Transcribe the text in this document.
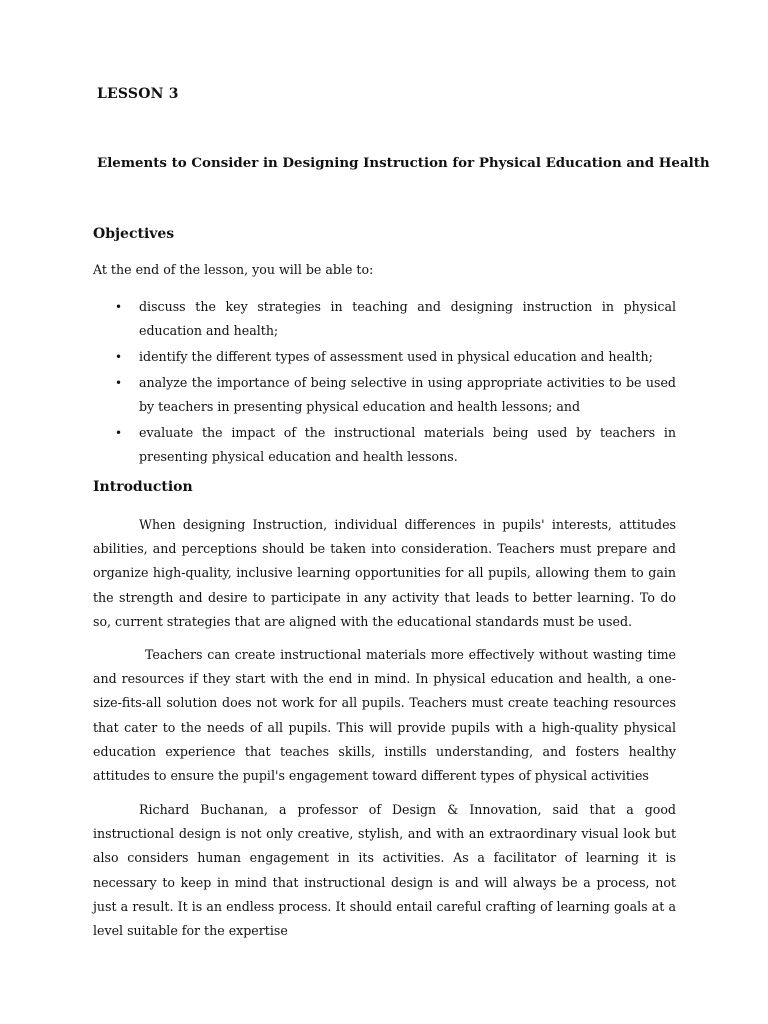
LESSON 3
Elements to Consider in Designing Instruction for Physical Education and Health
Objectives
At the end of the lesson, you will be able to:
• discuss the key strategies in teaching and designing instruction in physical education and health;
• identify the different types of assessment used in physical education and health;
• analyze the importance of being selective in using appropriate activities to be used by teachers in presenting physical education and health lessons; and
• evaluate the impact of the instructional materials being used by teachers in presenting physical education and health lessons.
Introduction

When designing Instruction, individual differences in pupils' interests, attitudes abilities, and perceptions should be taken into consideration. Teachers must prepare and organize high-quality, inclusive learning opportunities for all pupils, allowing them to gain the strength and desire to participate in any activity that leads to better learning. To do so, current strategies that are aligned with the educational standards must be used.

Teachers can create instructional materials more effectively without wasting time and resources if they start with the end in mind. In physical education and health, a one-size-fits-all solution does not work for all pupils. Teachers must create teaching resources that cater to the needs of all pupils. This will provide pupils with a high-quality physical education experience that teaches skills, instills understanding, and fosters healthy attitudes to ensure the pupil's engagement toward different types of physical activities

Richard Buchanan, a professor of Design & Innovation, said that a good instructional design is not only creative, stylish, and with an extraordinary visual look but also considers human engagement in its activities. As a facilitator of learning it is necessary to keep in mind that instructional design is and will always be a process, not just a result. It is an endless process. It should entail careful crafting of learning goals at a level suitable for the expertise
